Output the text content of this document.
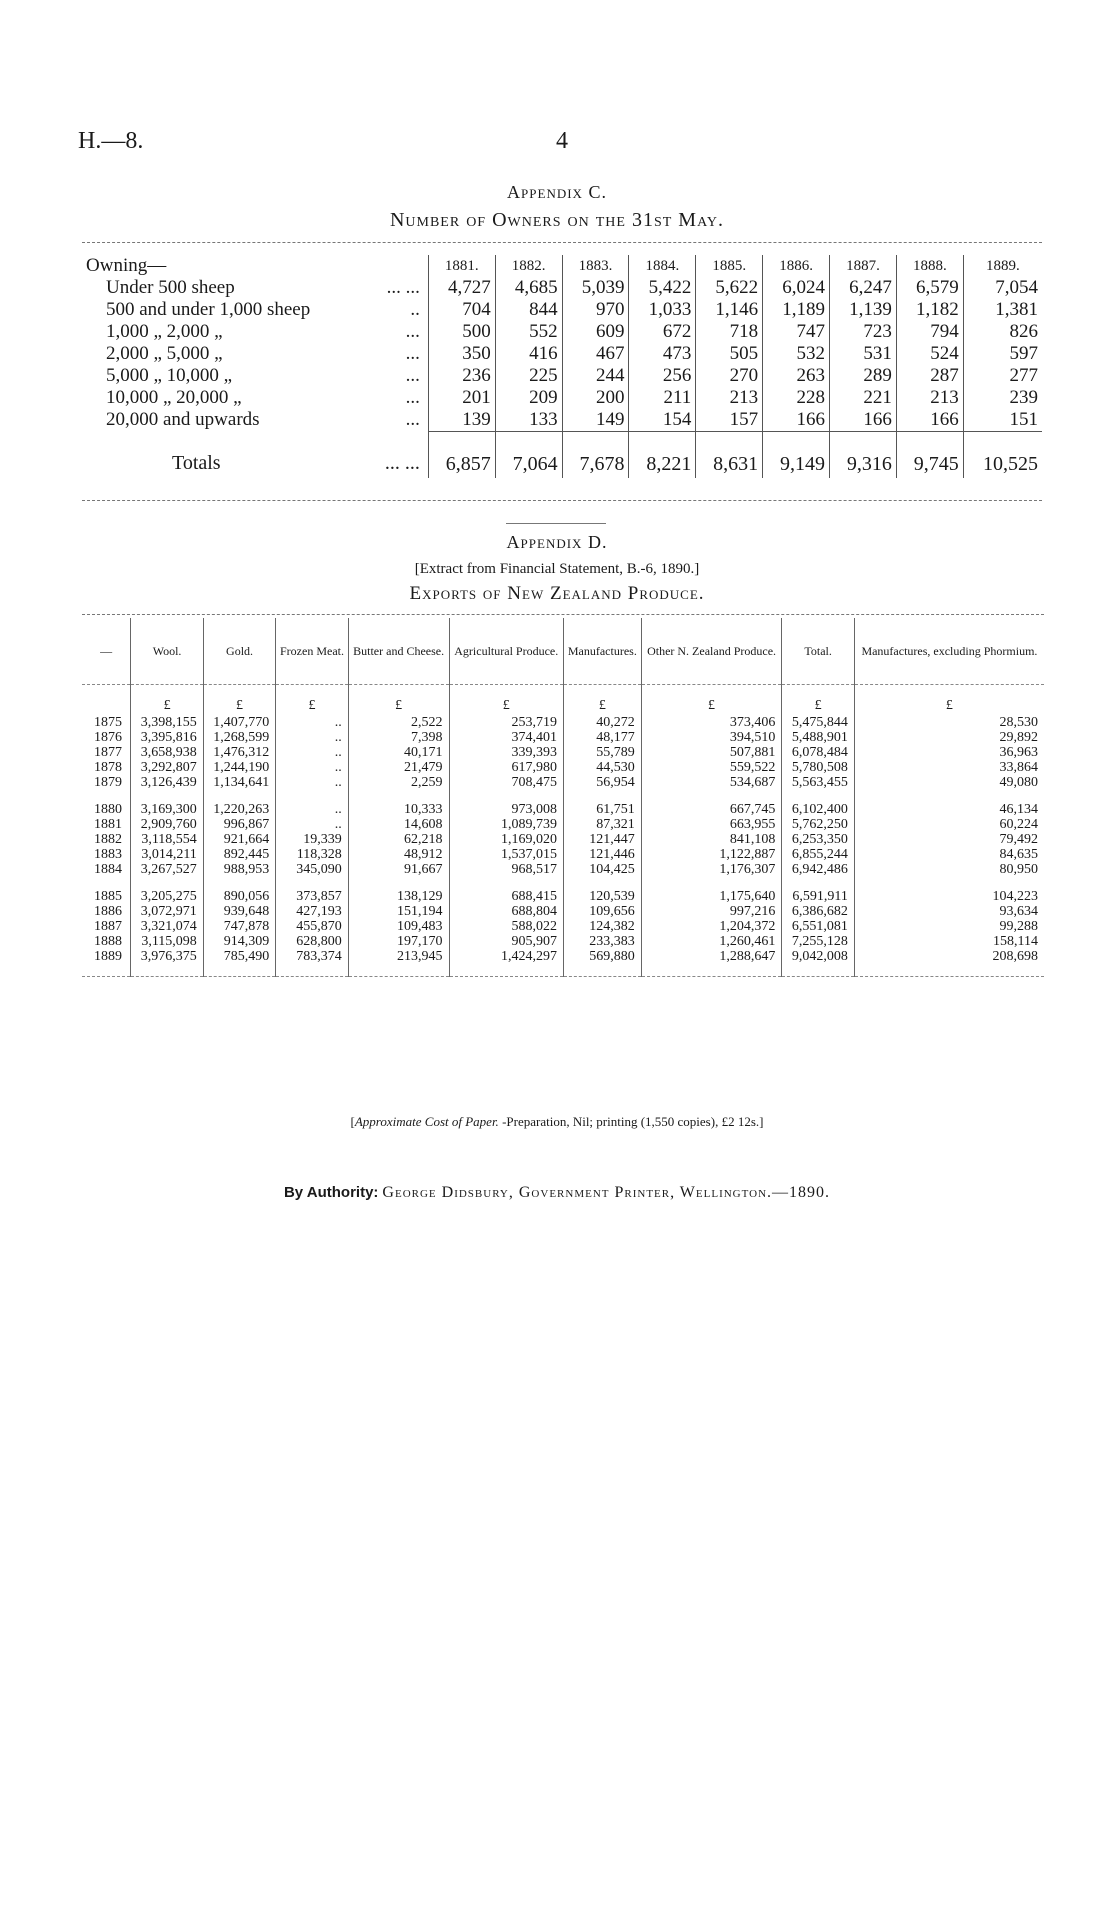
H.—8.	4
Appendix C.
Number of Owners on the 31st May.
Owning—		1881.	1882.	1883.	1884.	1885.	1886.	1887.	1888.	1889.
Under 500 sheep	... ...	4,727	4,685	5,039	5,422	5,622	6,024	6,247	6,579	7,054
500 and under 1,000 sheep	..	704	844	970	1,033	1,146	1,189	1,139	1,182	1,381
1,000 „ 2,000 „	...	500	552	609	672	718	747	723	794	826
2,000 „ 5,000 „	...	350	416	467	473	505	532	531	524	597
5,000 „ 10,000 „	...	236	225	244	256	270	263	289	287	277
10,000 „ 20,000 „	...	201	209	200	211	213	228	221	213	239
20,000 and upwards	...	139	133	149	154	157	166	166	166	151
Totals	... ...	6,857	7,064	7,678	8,221	8,631	9,149	9,316	9,745	10,525
Appendix D.
[Extract from Financial Statement, B.-6, 1890.]
Exports of New Zealand Produce.
—	Wool.	Gold.	Frozen Meat.	Butter and Cheese.	Agricultural Produce.	Manufactures.	Other N. Zealand Produce.	Total.	Manufactures, excluding Phormium.
	£	£	£	£	£	£	£	£	£
1875	3,398,155	1,407,770	..	2,522	253,719	40,272	373,406	5,475,844	28,530
1876	3,395,816	1,268,599	..	7,398	374,401	48,177	394,510	5,488,901	29,892
1877	3,658,938	1,476,312	..	40,171	339,393	55,789	507,881	6,078,484	36,963
1878	3,292,807	1,244,190	..	21,479	617,980	44,530	559,522	5,780,508	33,864
1879	3,126,439	1,134,641	..	2,259	708,475	56,954	534,687	5,563,455	49,080

1880	3,169,300	1,220,263	..	10,333	973,008	61,751	667,745	6,102,400	46,134
1881	2,909,760	996,867	..	14,608	1,089,739	87,321	663,955	5,762,250	60,224
1882	3,118,554	921,664	19,339	62,218	1,169,020	121,447	841,108	6,253,350	79,492
1883	3,014,211	892,445	118,328	48,912	1,537,015	121,446	1,122,887	6,855,244	84,635
1884	3,267,527	988,953	345,090	91,667	968,517	104,425	1,176,307	6,942,486	80,950

1885	3,205,275	890,056	373,857	138,129	688,415	120,539	1,175,640	6,591,911	104,223
1886	3,072,971	939,648	427,193	151,194	688,804	109,656	997,216	6,386,682	93,634
1887	3,321,074	747,878	455,870	109,483	588,022	124,382	1,204,372	6,551,081	99,288
1888	3,115,098	914,309	628,800	197,170	905,907	233,383	1,260,461	7,255,128	158,114
1889	3,976,375	785,490	783,374	213,945	1,424,297	569,880	1,288,647	9,042,008	208,698

[Approximate Cost of Paper. -Preparation, Nil; printing (1,550 copies), £2 12s.]
By Authority: George Didsbury, Government Printer, Wellington.—1890.
